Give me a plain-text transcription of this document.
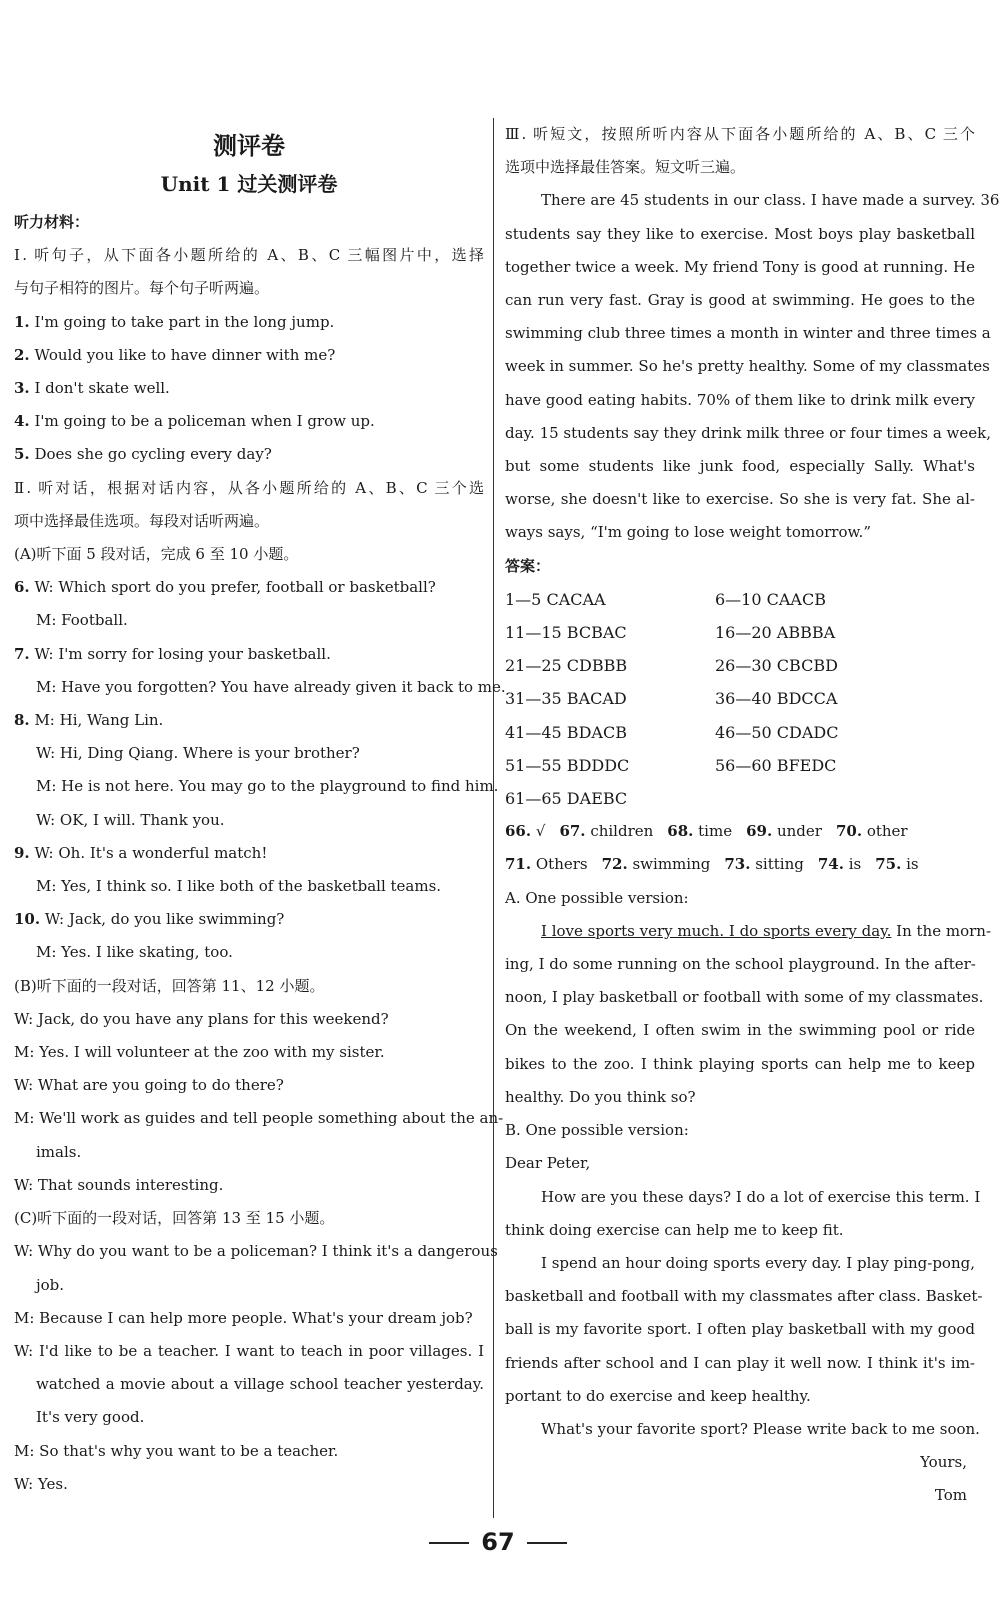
测评卷
Unit 1 过关测评卷
听力材料：
Ⅰ. 听句子，从下面各小题所给的 A、B、C 三幅图片中，选择
与句子相符的图片。每个句子听两遍。
1. I'm going to take part in the long jump.
2. Would you like to have dinner with me?
3. I don't skate well.
4. I'm going to be a policeman when I grow up.
5. Does she go cycling every day?
Ⅱ. 听对话，根据对话内容，从各小题所给的 A、B、C 三个选
项中选择最佳选项。每段对话听两遍。
(A)听下面 5 段对话，完成 6 至 10 小题。
6. W: Which sport do you prefer, football or basketball?
M: Football.
7. W: I'm sorry for losing your basketball.
M: Have you forgotten? You have already given it back to me.
8. M: Hi, Wang Lin.
W: Hi, Ding Qiang. Where is your brother?
M: He is not here. You may go to the playground to find him.
W: OK, I will. Thank you.
9. W: Oh. It's a wonderful match!
M: Yes, I think so. I like both of the basketball teams.
10. W: Jack, do you like swimming?
M: Yes. I like skating, too.
(B)听下面的一段对话，回答第 11、12 小题。
W: Jack, do you have any plans for this weekend?
M: Yes. I will volunteer at the zoo with my sister.
W: What are you going to do there?
M: We'll work as guides and tell people something about the an-
imals.
W: That sounds interesting.
(C)听下面的一段对话，回答第 13 至 15 小题。
W: Why do you want to be a policeman? I think it's a dangerous
job.
M: Because I can help more people. What's your dream job?
W: I'd like to be a teacher. I want to teach in poor villages. I
watched a movie about a village school teacher yesterday.
It's very good.
M: So that's why you want to be a teacher.
W: Yes.
Ⅲ. 听短文，按照所听内容从下面各小题所给的 A、B、C 三个
选项中选择最佳答案。短文听三遍。
There are 45 students in our class. I have made a survey. 36
students say they like to exercise. Most boys play basketball
together twice a week. My friend Tony is good at running. He
can run very fast. Gray is good at swimming. He goes to the
swimming club three times a month in winter and three times a
week in summer. So he's pretty healthy. Some of my classmates
have good eating habits. 70% of them like to drink milk every
day. 15 students say they drink milk three or four times a week,
but some students like junk food, especially Sally. What's
worse, she doesn't like to exercise. So she is very fat. She al-
ways says, “I'm going to lose weight tomorrow.”
答案：
1—5 CACAA	6—10 CAACB
11—15 BCBAC	16—20 ABBBA
21—25 CDBBB	26—30 CBCBD
31—35 BACAD	36—40 BDCCA
41—45 BDACB	46—50 CDADC
51—55 BDDDC	56—60 BFEDC
61—65 DAEBC
66. √ 67. children 68. time 69. under 70. other
71. Others 72. swimming 73. sitting 74. is 75. is
A. One possible version:
I love sports very much. I do sports every day. In the morn-
ing, I do some running on the school playground. In the after-
noon, I play basketball or football with some of my classmates.
On the weekend, I often swim in the swimming pool or ride
bikes to the zoo. I think playing sports can help me to keep
healthy. Do you think so?
B. One possible version:
Dear Peter,
How are you these days? I do a lot of exercise this term. I
think doing exercise can help me to keep fit.
I spend an hour doing sports every day. I play ping-pong,
basketball and football with my classmates after class. Basket-
ball is my favorite sport. I often play basketball with my good
friends after school and I can play it well now. I think it's im-
portant to do exercise and keep healthy.
What's your favorite sport? Please write back to me soon.
Yours,
Tom
67
